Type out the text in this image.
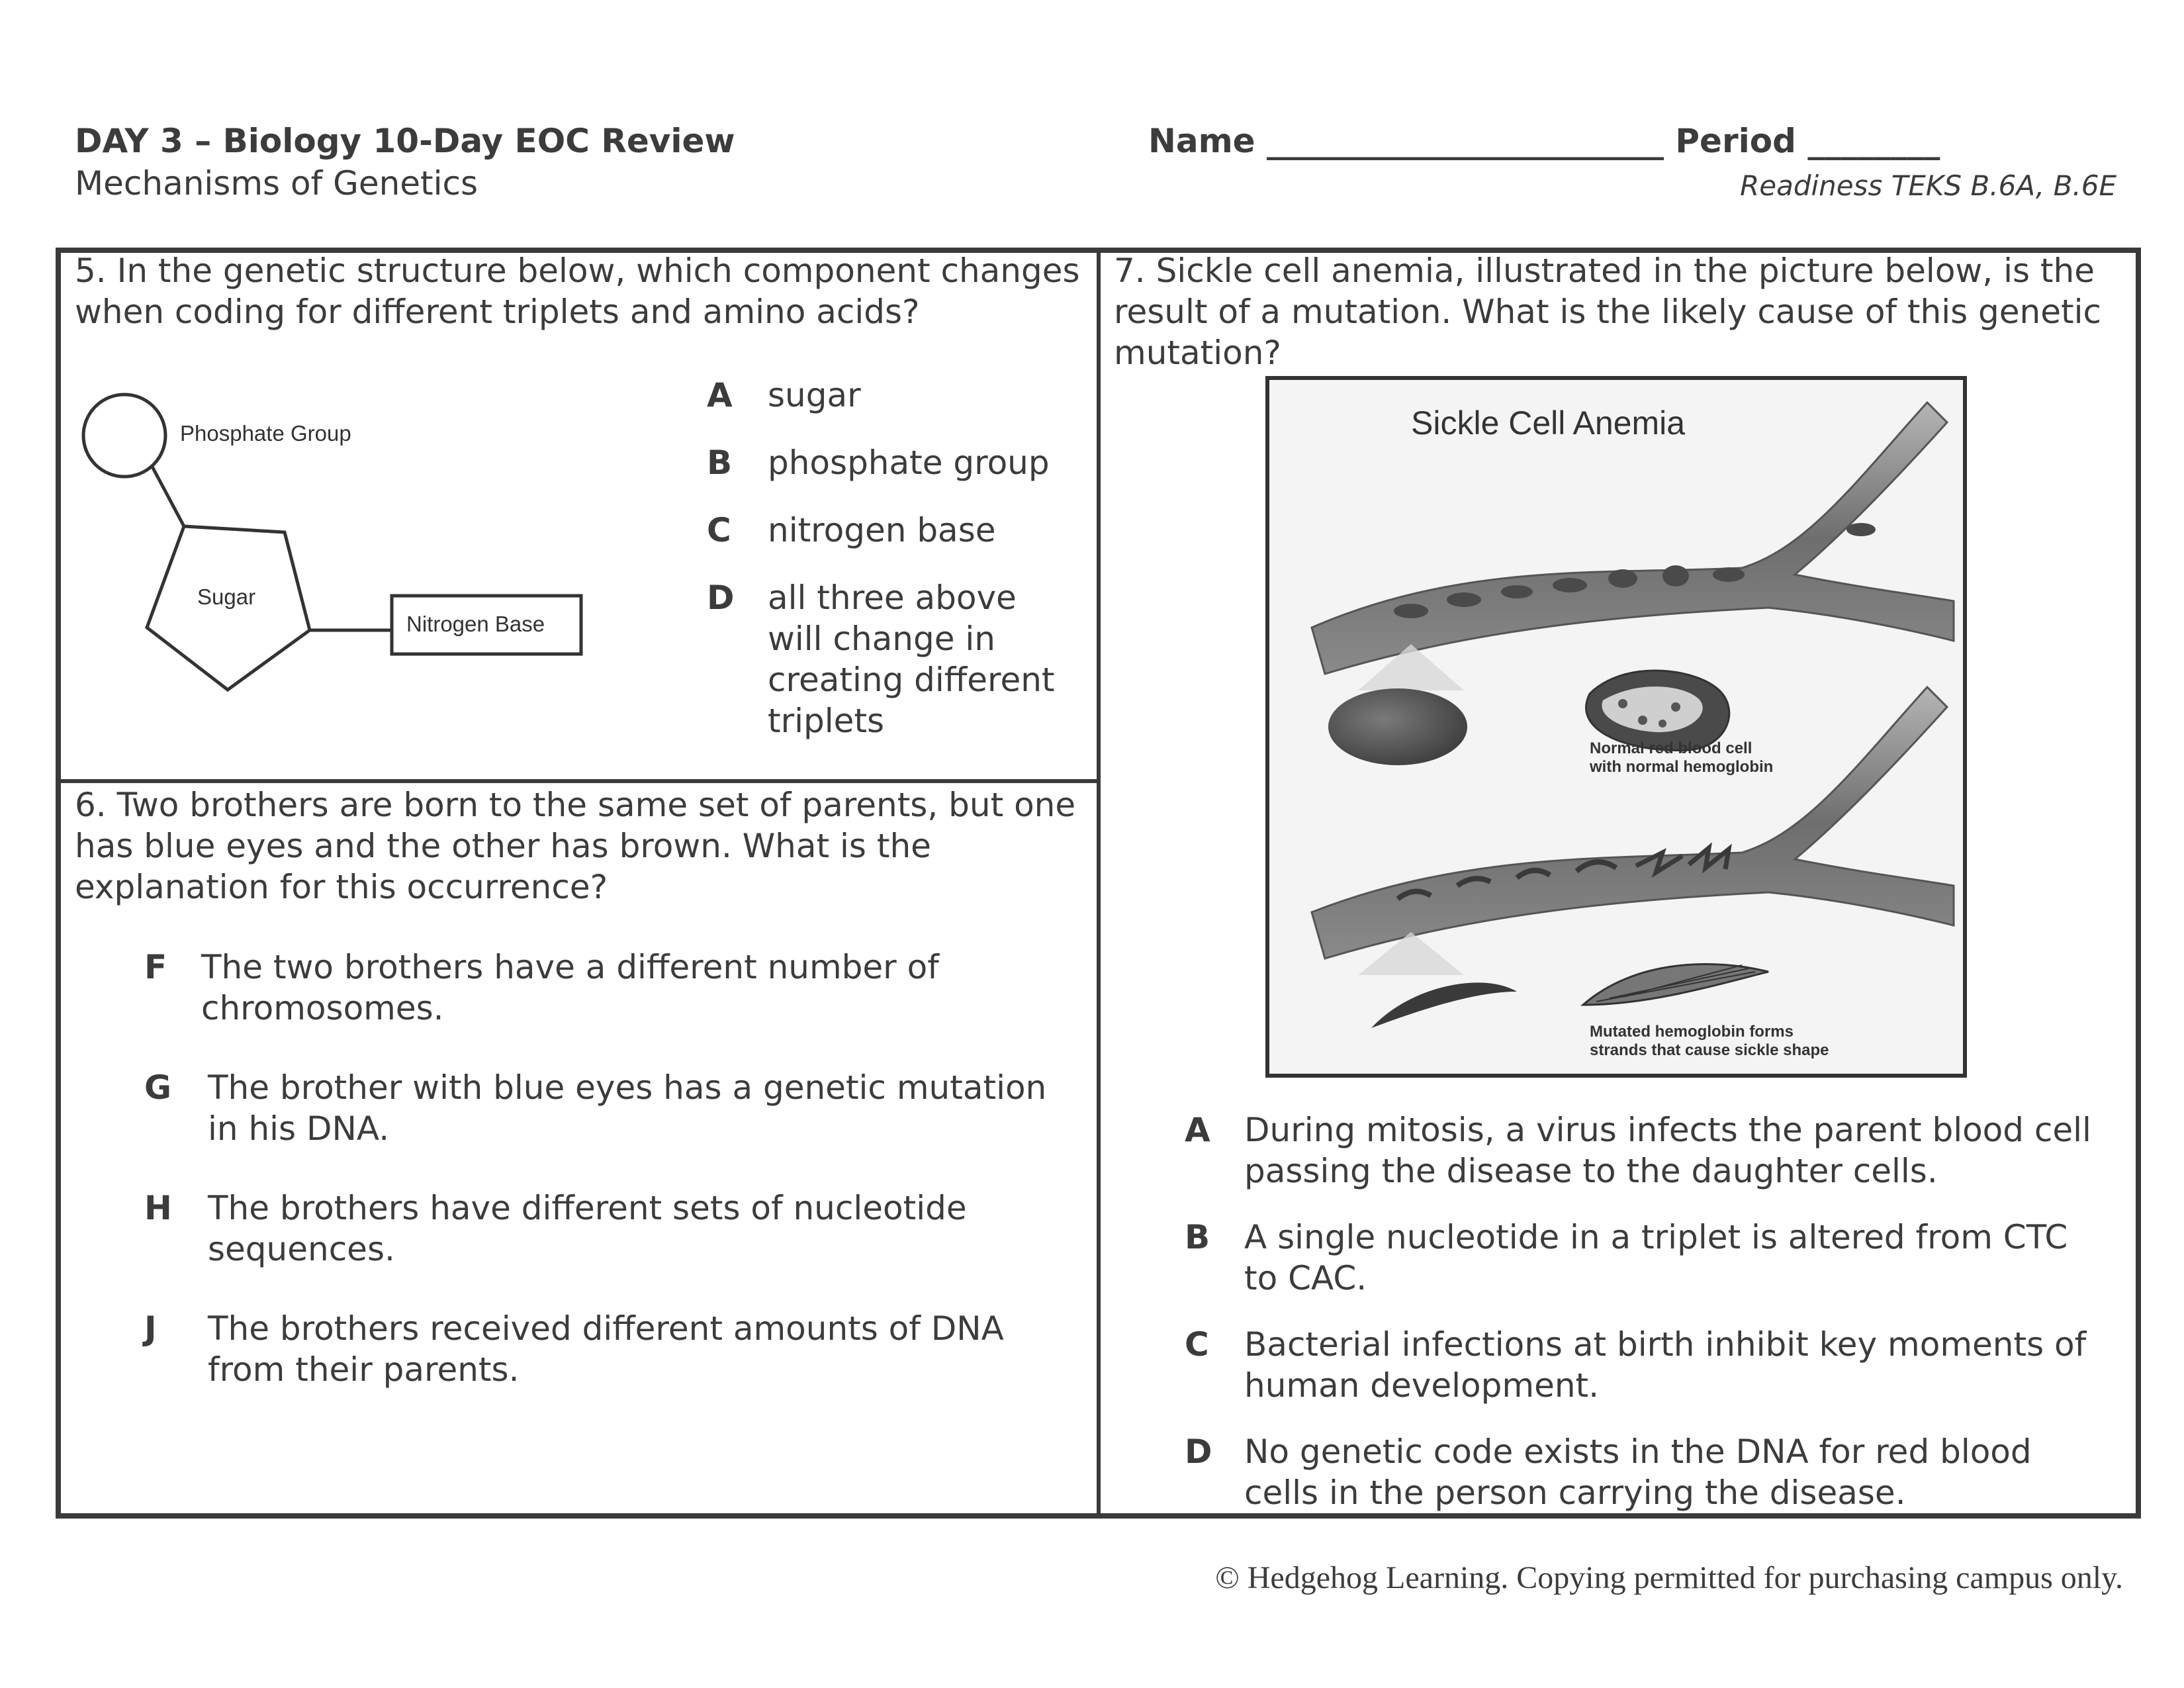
DAY 3 – Biology 10-Day EOC Review
Mechanisms of Genetics
Name ________________________ Period ________
Readiness TEKS B.6A, B.6E
5. In the genetic structure below, which component changes when coding for different triplets and amino acids?
Phosphate Group
Sugar
Nitrogen Base
A sugar
B phosphate group
C nitrogen base
D all three above will change in creating different triplets
6. Two brothers are born to the same set of parents, but one has blue eyes and the other has brown. What is the explanation for this occurrence?
F The two brothers have a different number of chromosomes.
G The brother with blue eyes has a genetic mutation in his DNA.
H The brothers have different sets of nucleotide sequences.
J The brothers received different amounts of DNA from their parents.
7. Sickle cell anemia, illustrated in the picture below, is the result of a mutation. What is the likely cause of this genetic mutation?
Sickle Cell Anemia
Normal red blood cell
with normal hemoglobin
Mutated hemoglobin forms
strands that cause sickle shape
A During mitosis, a virus infects the parent blood cell passing the disease to the daughter cells.
B A single nucleotide in a triplet is altered from CTC to CAC.
C Bacterial infections at birth inhibit key moments of human development.
D No genetic code exists in the DNA for red blood cells in the person carrying the disease.
© Hedgehog Learning. Copying permitted for purchasing campus only.
